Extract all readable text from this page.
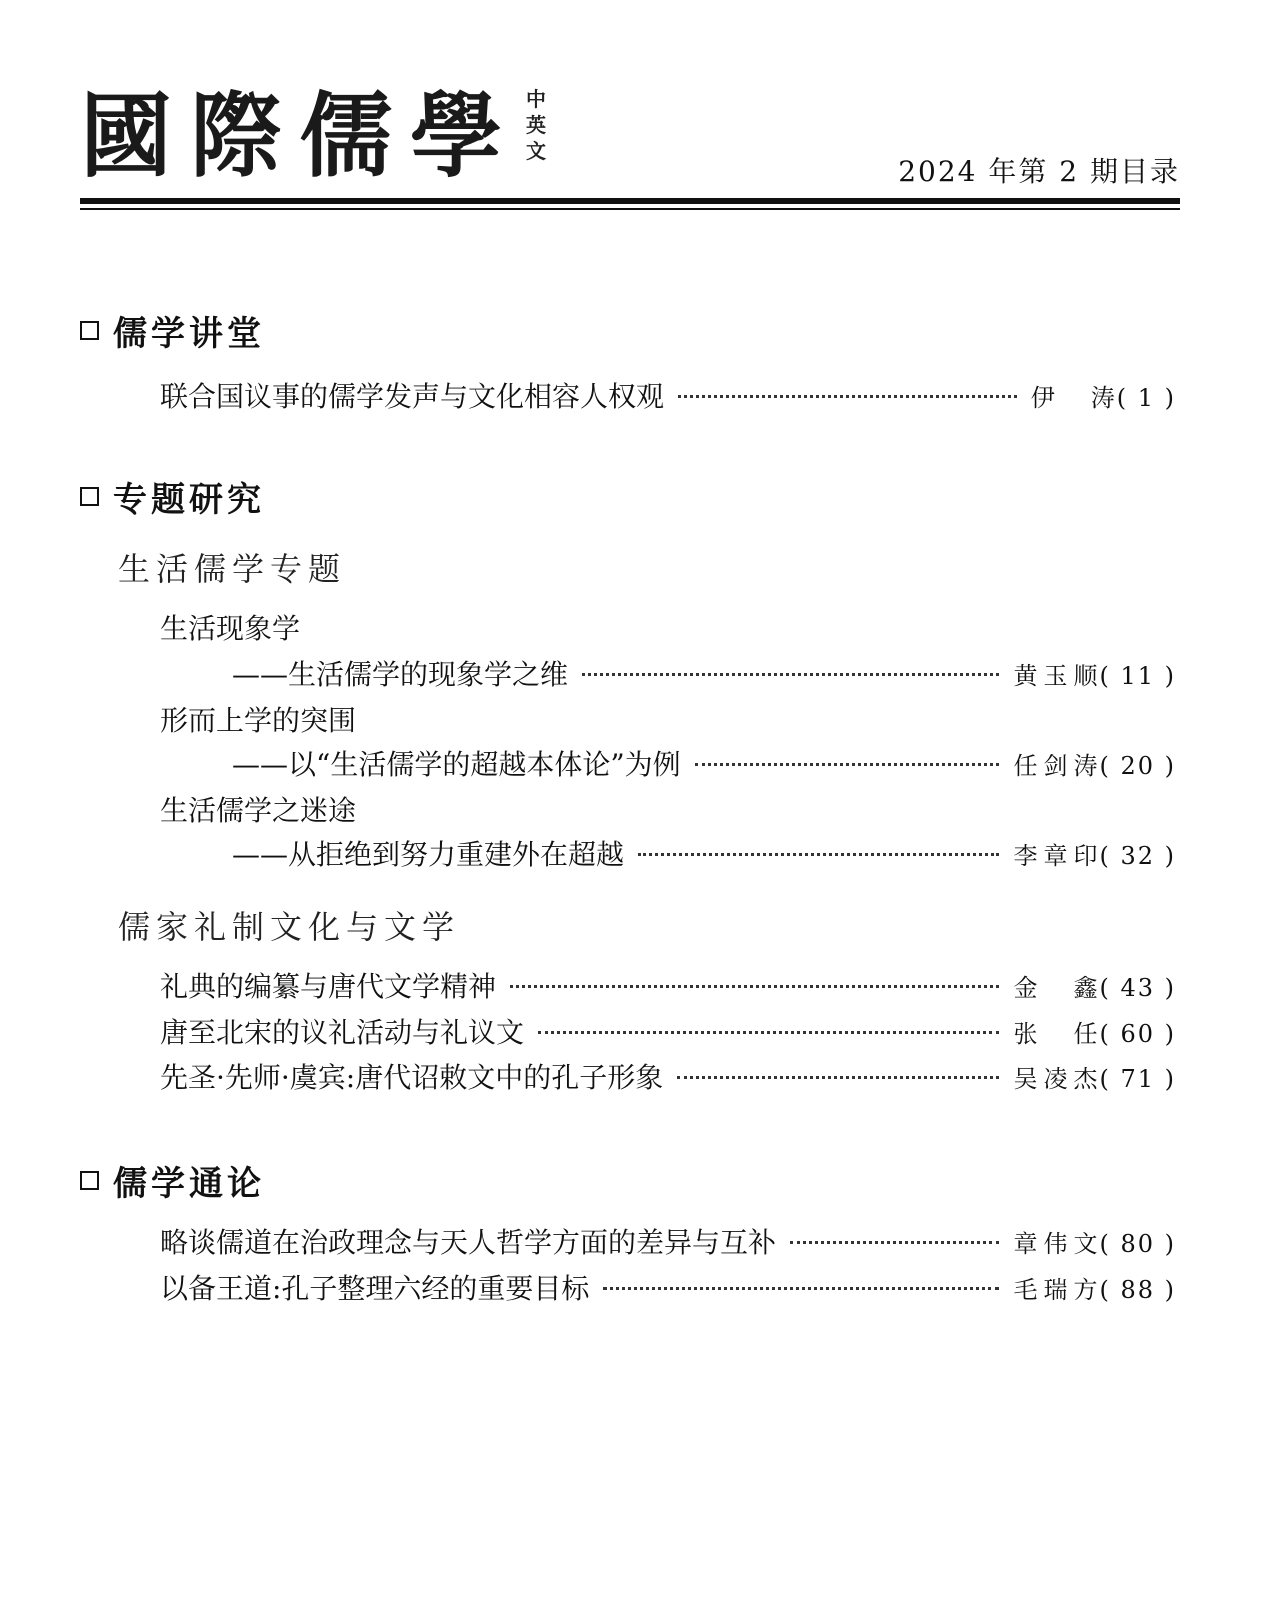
國際儒學 中
英
文
2024 年第 2 期目录
儒学讲堂
联合国议事的儒学发声与文化相容人权观	伊 涛 ( 1 )
专题研究
生活儒学专题
生活现象学
——生活儒学的现象学之维	黄玉顺 ( 11 )
形而上学的突围
——以“生活儒学的超越本体论”为例	任剑涛 ( 20 )
生活儒学之迷途
——从拒绝到努力重建外在超越	李章印 ( 32 )
儒家礼制文化与文学
礼典的编纂与唐代文学精神	金 鑫 ( 43 )
唐至北宋的议礼活动与礼议文	张 任 ( 60 )
先圣·先师·虞宾:唐代诏敕文中的孔子形象	吴凌杰 ( 71 )
儒学通论
略谈儒道在治政理念与天人哲学方面的差异与互补	章伟文 ( 80 )
以备王道:孔子整理六经的重要目标	毛瑞方 ( 88 )
